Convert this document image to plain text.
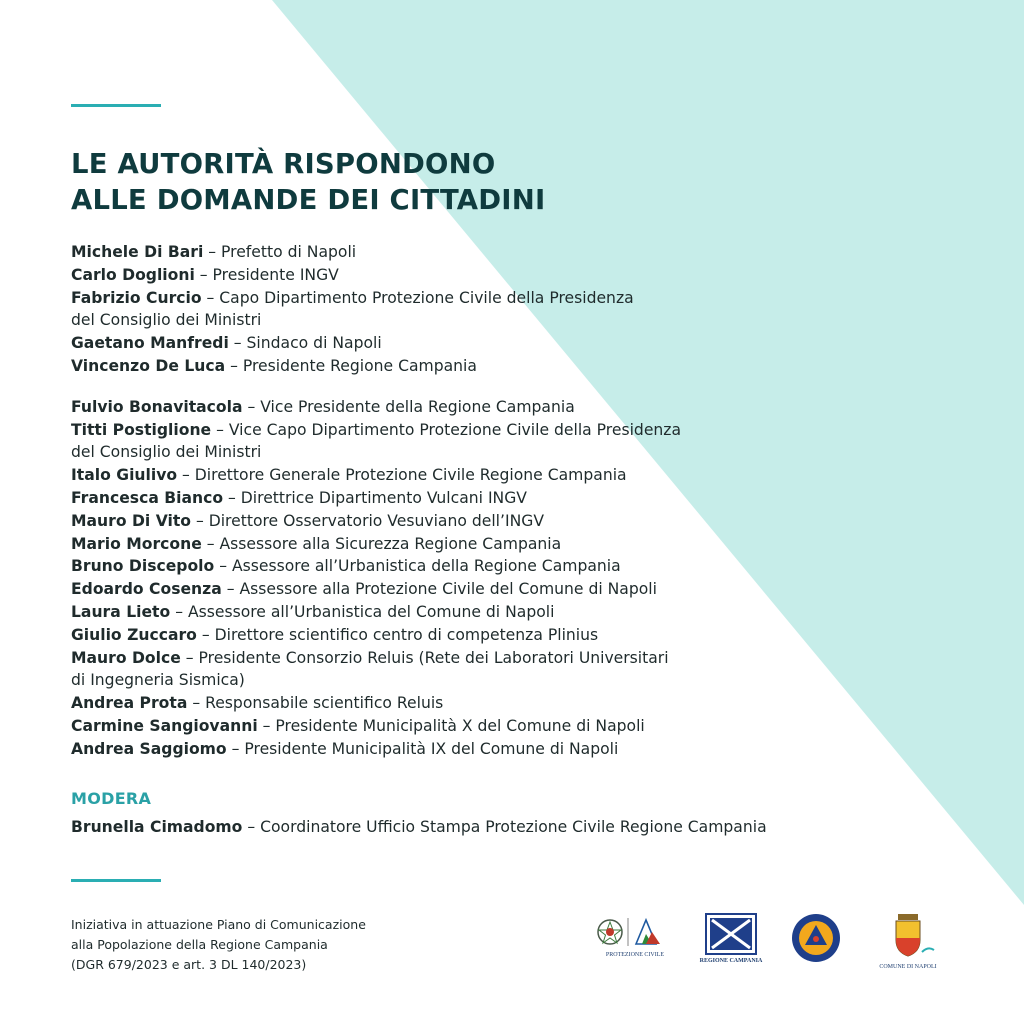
LE AUTORITÀ RISPONDONO
ALLE DOMANDE DEI CITTADINI
Michele Di Bari – Prefetto di Napoli
Carlo Doglioni – Presidente INGV
Fabrizio Curcio – Capo Dipartimento Protezione Civile della Presidenza
del Consiglio dei Ministri
Gaetano Manfredi – Sindaco di Napoli
Vincenzo De Luca – Presidente Regione Campania
Fulvio Bonavitacola – Vice Presidente della Regione Campania
Titti Postiglione – Vice Capo Dipartimento Protezione Civile della Presidenza
del Consiglio dei Ministri
Italo Giulivo – Direttore Generale Protezione Civile Regione Campania
Francesca Bianco – Direttrice Dipartimento Vulcani INGV
Mauro Di Vito – Direttore Osservatorio Vesuviano dell’INGV
Mario Morcone – Assessore alla Sicurezza Regione Campania
Bruno Discepolo – Assessore all’Urbanistica della Regione Campania
Edoardo Cosenza – Assessore alla Protezione Civile del Comune di Napoli
Laura Lieto – Assessore all’Urbanistica del Comune di Napoli
Giulio Zuccaro – Direttore scientifico centro di competenza Plinius
Mauro Dolce – Presidente Consorzio Reluis (Rete dei Laboratori Universitari
di Ingegneria Sismica)
Andrea Prota – Responsabile scientifico Reluis
Carmine Sangiovanni – Presidente Municipalità X del Comune di Napoli
Andrea Saggiomo – Presidente Municipalità IX del Comune di Napoli
MODERA
Brunella Cimadomo – Coordinatore Ufficio Stampa Protezione Civile Regione Campania
Iniziativa in attuazione Piano di Comunicazione
alla Popolazione della Regione Campania
(DGR 679/2023 e art. 3 DL 140/2023)
PROTEZIONE CIVILE
REGIONE CAMPANIA
COMUNE DI NAPOLI
